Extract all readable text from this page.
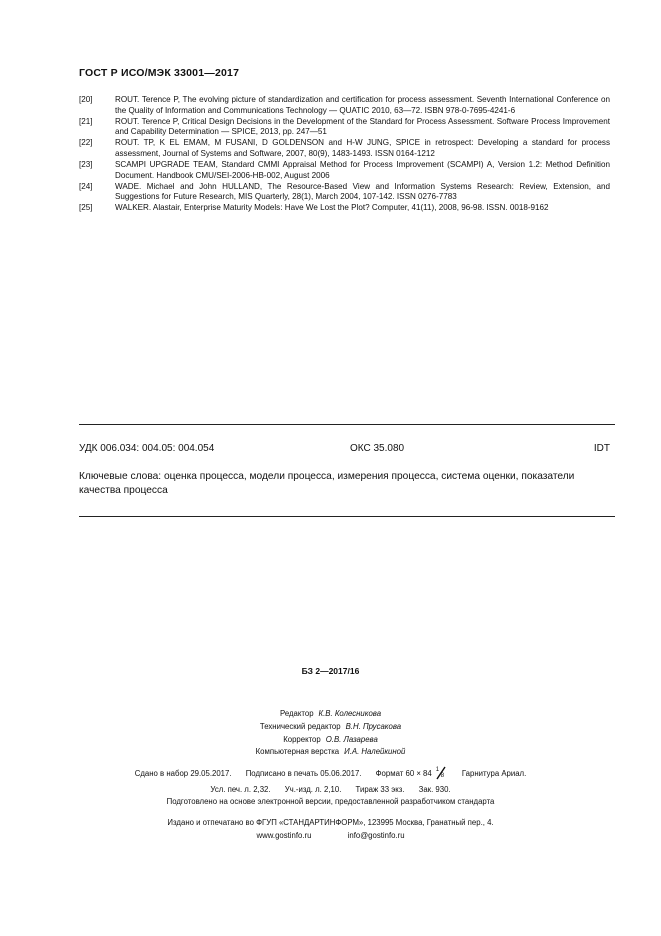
ГОСТ Р ИСО/МЭК 33001—2017
[20]	ROUT. Terence P, The evolving picture of standardization and certification for process assessment. Seventh International Conference on the Quality of Information and Communications Technology — QUATIC 2010, 63—72. ISBN 978-0-7695-4241-6
[21]	ROUT. Terence P, Critical Design Decisions in the Development of the Standard for Process Assessment. Software Process Improvement and Capability Determination — SPICE, 2013, pp. 247—51
[22]	ROUT. TP, K EL EMAM, M FUSANI, D GOLDENSON and H-W JUNG, SPICE in retrospect: Developing a standard for process assessment, Journal of Systems and Software, 2007, 80(9), 1483-1493. ISSN 0164-1212
[23]	SCAMPI UPGRADE TEAM, Standard CMMI Appraisal Method for Process Improvement (SCAMPI) A, Version 1.2: Method Definition Document. Handbook CMU/SEI-2006-HB-002, August 2006
[24]	WADE. Michael and John HULLAND, The Resource-Based View and Information Systems Research: Review, Extension, and Suggestions for Future Research, MIS Quarterly, 28(1), March 2004, 107-142. ISSN 0276-7783
[25]	WALKER. Alastair, Enterprise Maturity Models: Have We Lost the Plot? Computer, 41(11), 2008, 96-98. ISSN. 0018-9162
УДК 006.034: 004.05: 004.054	ОКС 35.080	IDT
Ключевые слова: оценка процесса, модели процесса, измерения процесса, система оценки, показатели качества процесса
БЗ 2—2017/16
Редактор К.В. Колесникова
Технический редактор В.Н. Прусакова
Корректор О.В. Лазарева
Компьютерная верстка И.А. Налейкиной
Сдано в набор 29.05.2017. Подписано в печать 05.06.2017. Формат 60 × 84 1
8 Гарнитура Ариал.
Усл. печ. л. 2,32. Уч.-изд. л. 2,10. Тираж 33 экз. Зак. 930.
Подготовлено на основе электронной версии, предоставленной разработчиком стандарта
Издано и отпечатано во ФГУП «СТАНДАРТИНФОРМ», 123995 Москва, Гранатный пер., 4.
www.gostinfo.ru	info@gostinfo.ru
